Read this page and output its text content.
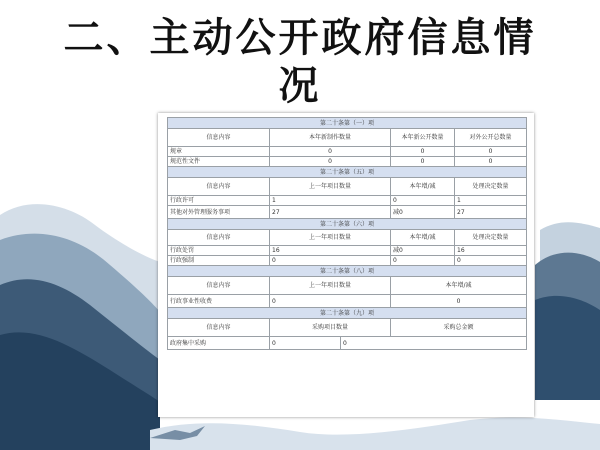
二、主动公开政府信息情
况
第二十条第（一）项				
信息内容	本年新制作数量		本年新公开数量	对外公开总数量
规章	0		0	0
规范性文件	0		0	0
第二十条第（五）项				
信息内容	上一年项目数量		本年增/减	处理决定数量
行政许可	1		0	1
其他对外管理服务事项	27		减0	27
第二十条第（六）项				
信息内容	上一年项目数量		本年增/减	处理决定数量
行政处罚	16		减0	16
行政强制	0		0	0
第二十条第（八）项				
信息内容	上一年项目数量		本年增/减	
行政事业性收费	0		0	
第二十条第（九）项				
信息内容	采购项目数量		采购总金额	
政府集中采购	0	0		
